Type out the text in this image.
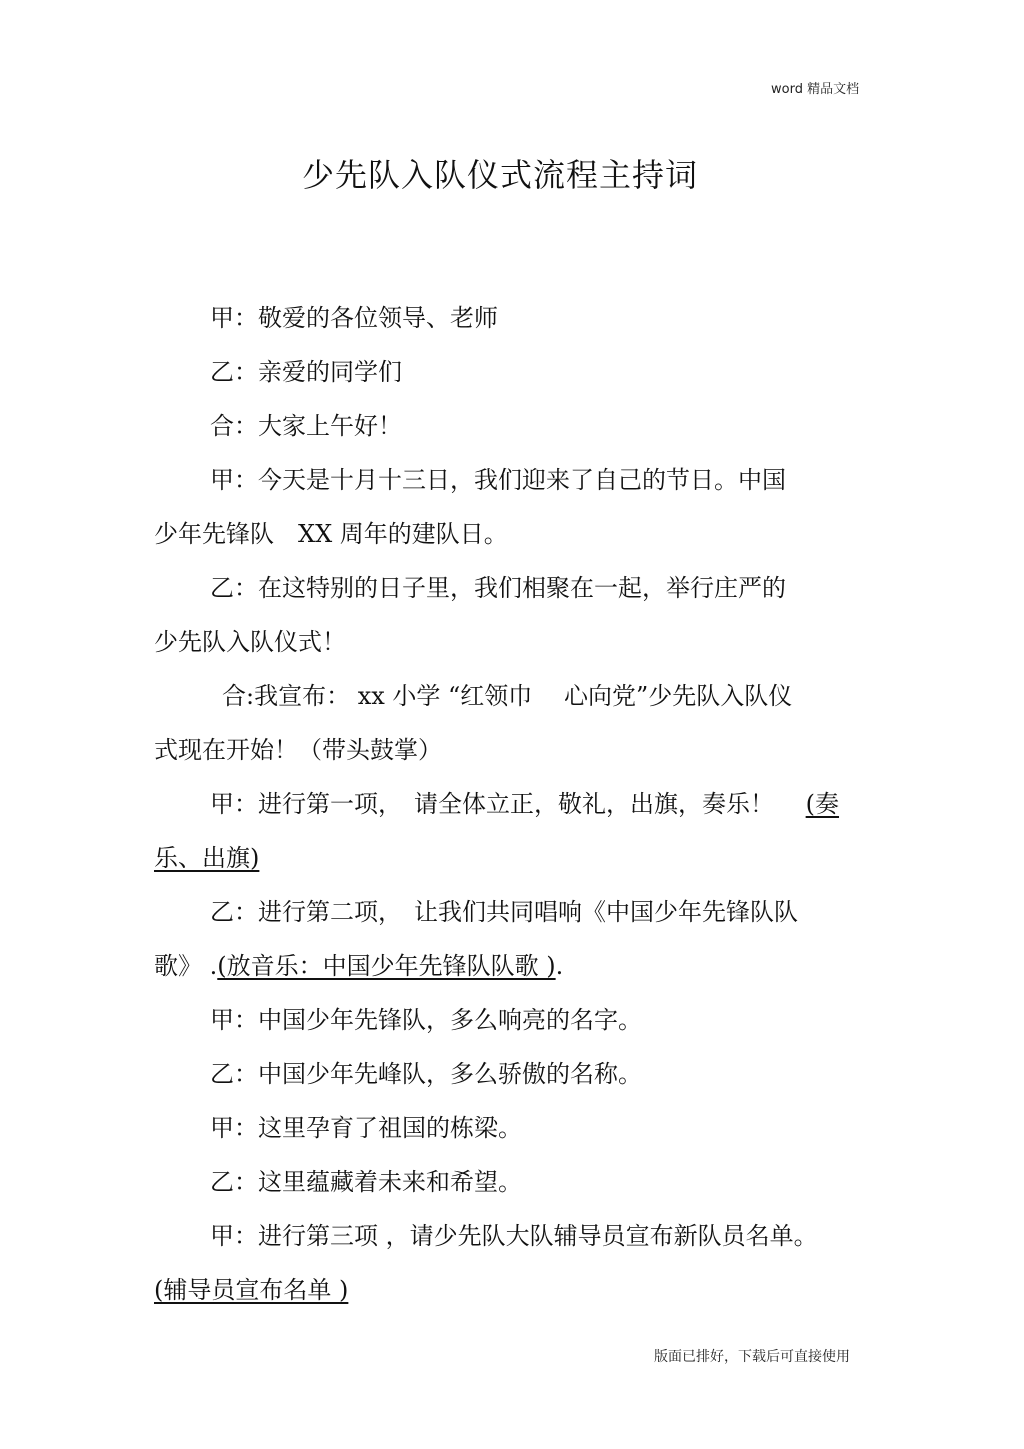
word 精品文档
少先队入队仪式流程主持词
甲：敬爱的各位领导、老师
乙：亲爱的同学们
合：大家上午好！
甲：今天是十月十三日，我们迎来了自己的节日。中国
少年先锋队　XX 周年的建队日。
乙：在这特别的日子里，我们相聚在一起，举行庄严的
少先队入队仪式！
合:我宣布： xx 小学 “红领巾　 心向党”少先队入队仪
式现在开始！（带头鼓掌）
甲：进行第一项，　请全体立正，敬礼，出旗，奏乐！　 (奏
乐、出旗)
乙：进行第二项，　让我们共同唱响《中国少年先锋队队
歌》 .(放音乐：中国少年先锋队队歌 ).
甲：中国少年先锋队，多么响亮的名字。
乙：中国少年先峰队，多么骄傲的名称。
甲：这里孕育了祖国的栋梁。
乙：这里蕴藏着未来和希望。
甲：进行第三项 ，请少先队大队辅导员宣布新队员名单。
(辅导员宣布名单 )
版面已排好，下载后可直接使用
